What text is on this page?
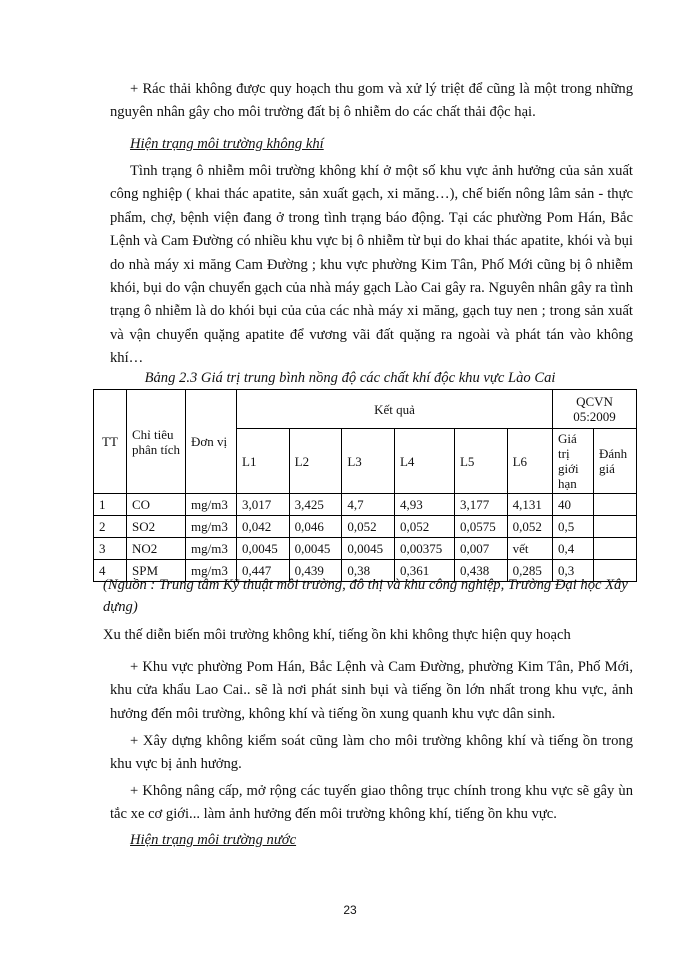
+ Rác thải không được quy hoạch thu gom và xử lý triệt để cũng là một trong những nguyên nhân gây cho môi trường đất bị ô nhiễm do các chất thải độc hại.

Hiện trạng môi trường không khí

Tình trạng ô nhiễm môi trường không khí ở một số khu vực ảnh hưởng của sản xuất công nghiệp ( khai thác apatite, sản xuất gạch, xi măng…), chế biến nông lâm sản - thực phẩm, chợ, bệnh viện đang ở trong tình trạng báo động. Tại các phường Pom Hán, Bắc Lệnh và Cam Đường có nhiều khu vực bị ô nhiễm từ bụi do khai thác apatite, khói và bụi do nhà máy xi măng Cam Đường ; khu vực phường Kim Tân, Phố Mới cũng bị ô nhiễm khói, bụi do vận chuyển gạch của nhà máy gạch Lào Cai gây ra. Nguyên nhân gây ra tình trạng ô nhiễm là do khói bụi của của các nhà máy xi măng, gạch tuy nen ; trong sản xuất và vận chuyển quặng apatite để vương vãi đất quặng ra ngoài và phát tán vào không khí…

Bảng 2.3 Giá trị trung bình nồng độ các chất khí độc khu vực Lào Cai

TT	Chỉ tiêu phân tích	Đơn vị	Kết quả						QCVN 05:2009	
			L1	L2	L3	L4	L5	L6	Giá trị giới hạn	Đánh giá
1	CO	mg/m3	3,017	3,425	4,7	4,93	3,177	4,131	40	
2	SO2	mg/m3	0,042	0,046	0,052	0,052	0,0575	0,052	0,5	
3	NO2	mg/m3	0,0045	0,0045	0,0045	0,00375	0,007	vết	0,4	
4	SPM	mg/m3	0,447	0,439	0,38	0,361	0,438	0,285	0,3	

(Nguồn : Trung tâm Kỹ thuật môi trường, đô thị và khu công nghiệp, Trường Đại học Xây dựng)

Xu thế diễn biến môi trường không khí, tiếng ồn khi không thực hiện quy hoạch

+ Khu vực phường Pom Hán, Bắc Lệnh và Cam Đường, phường Kim Tân, Phố Mới, khu cửa khẩu Lao Cai.. sẽ là nơi phát sinh bụi và tiếng ồn lớn nhất trong khu vực, ảnh hưởng đến môi trường, không khí và tiếng ồn xung quanh khu vực dân sinh.

+ Xây dựng không kiểm soát cũng làm cho môi trường không khí và tiếng ồn trong khu vực bị ảnh hưởng.

+ Không nâng cấp, mở rộng các tuyến giao thông trục chính trong khu vực sẽ gây ùn tắc xe cơ giới... làm ảnh hưởng đến môi trường không khí, tiếng ồn khu vực.

Hiện trạng môi trường nước

23
